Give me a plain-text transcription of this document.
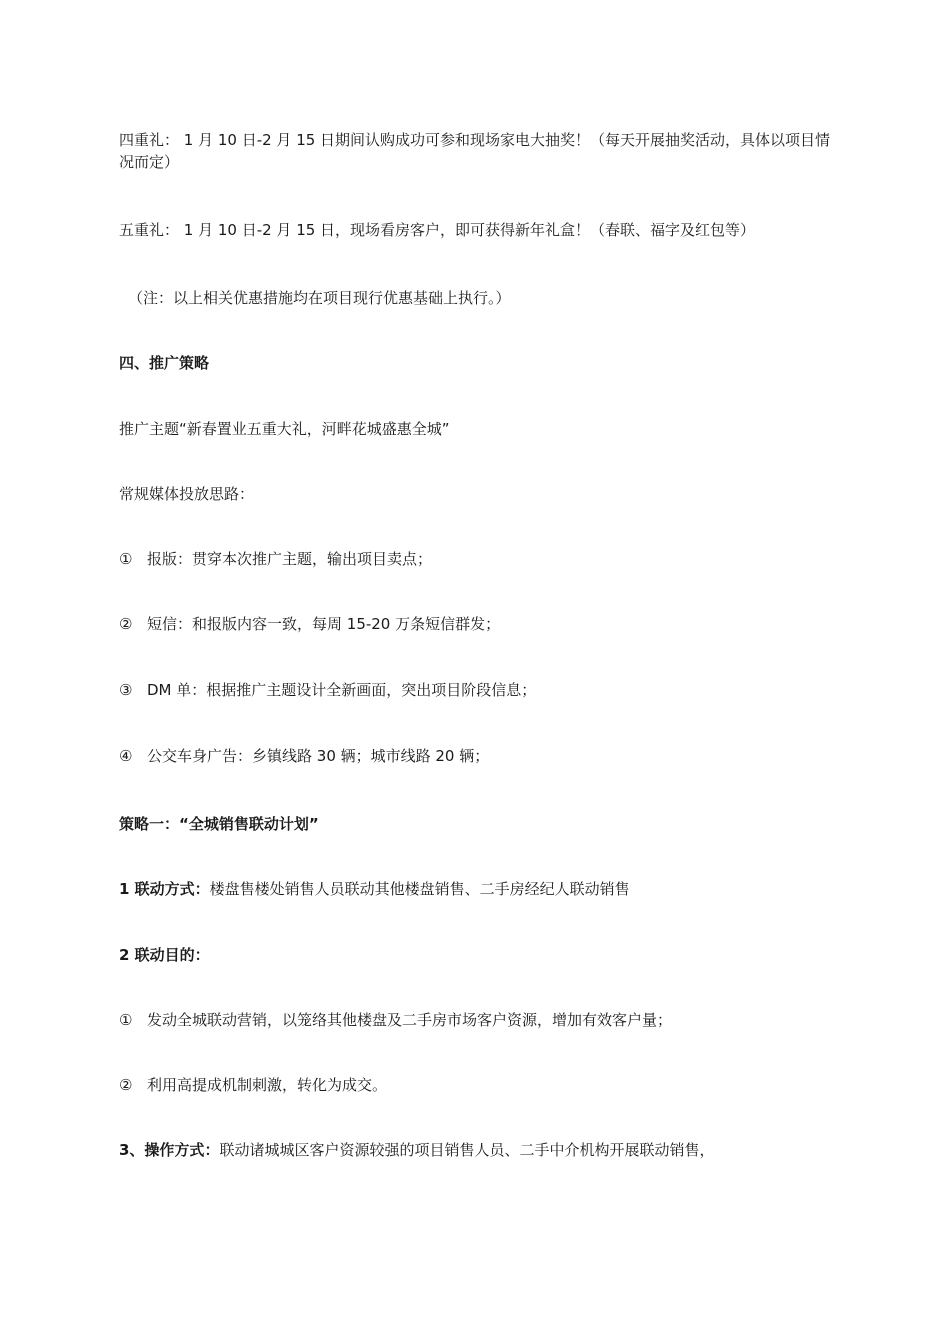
四重礼： 1 月 10 日-2 月 15 日期间认购成功可参和现场家电大抽奖！（每天开展抽奖活动，具体以项目情况而定）

五重礼： 1 月 10 日-2 月 15 日，现场看房客户，即可获得新年礼盒！（春联、福字及红包等）

（注：以上相关优惠措施均在项目现行优惠基础上执行。）

四、推广策略

推广主题“新春置业五重大礼，河畔花城盛惠全城”

常规媒体投放思路：

① 报版：贯穿本次推广主题，输出项目卖点；

② 短信：和报版内容一致，每周 15-20 万条短信群发；

③ DM 单：根据推广主题设计全新画面，突出项目阶段信息；

④ 公交车身广告：乡镇线路 30 辆；城市线路 20 辆；

策略一：“全城销售联动计划”

1 联动方式：楼盘售楼处销售人员联动其他楼盘销售、二手房经纪人联动销售

2 联动目的：

① 发动全城联动营销，以笼络其他楼盘及二手房市场客户资源，增加有效客户量；

② 利用高提成机制刺激，转化为成交。

3、操作方式：联动诸城城区客户资源较强的项目销售人员、二手中介机构开展联动销售，
